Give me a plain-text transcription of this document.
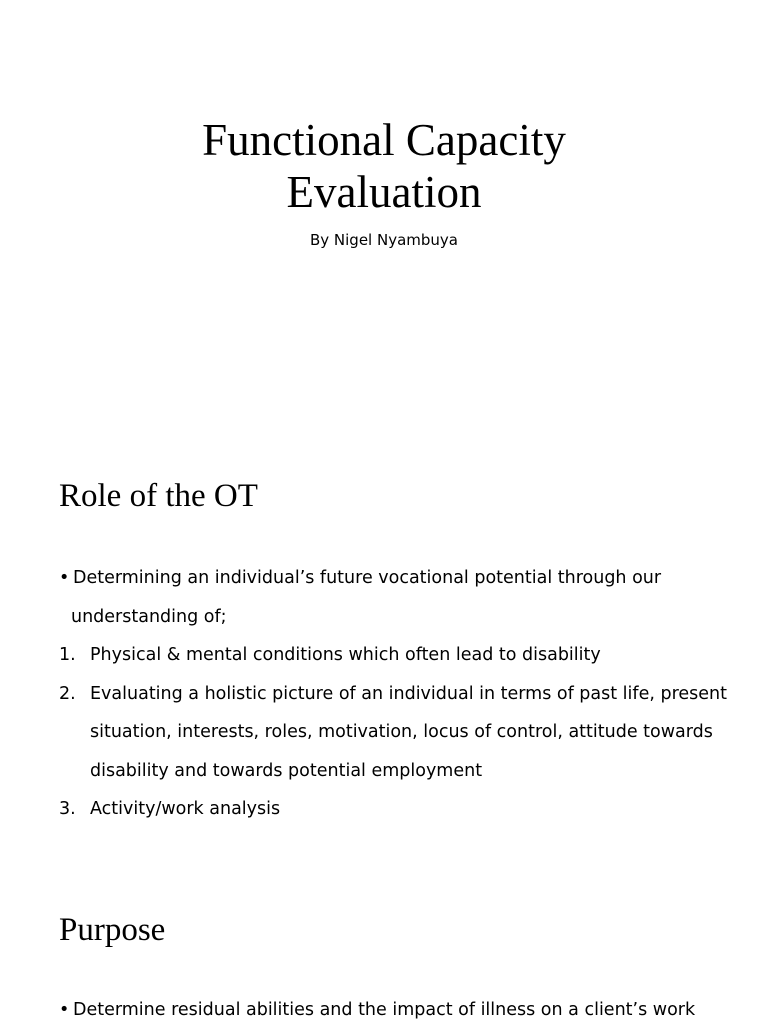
Functional Capacity
Evaluation
By Nigel Nyambuya
Role of the OT
• Determining an individual’s future vocational potential through our
understanding of;
1. Physical & mental conditions which often lead to disability
2. Evaluating a holistic picture of an individual in terms of past life, present
situation, interests, roles, motivation, locus of control, attitude towards
disability and towards potential employment
3. Activity/work analysis
Purpose
• Determine residual abilities and the impact of illness on a client’s work
